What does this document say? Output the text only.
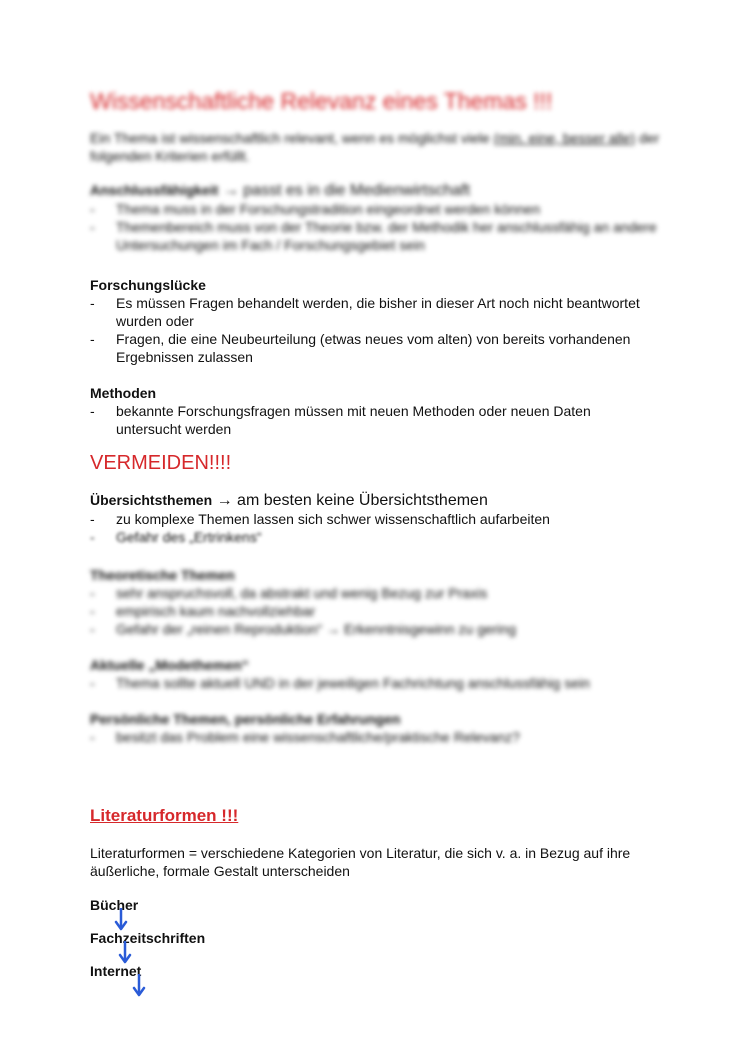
Wissenschaftliche Relevanz eines Themas !!!

Ein Thema ist wissenschaftlich relevant, wenn es möglichst viele (min. eine, besser alle) der folgenden Kriterien erfüllt.

Anschlussfähigkeit → passt es in die Medienwirtschaft
- Thema muss in der Forschungstradition eingeordnet werden können
- Themenbereich muss von der Theorie bzw. der Methodik her anschlussfähig an andere Untersuchungen im Fach / Forschungsgebiet sein
Forschungslücke
- Es müssen Fragen behandelt werden, die bisher in dieser Art noch nicht beantwortet wurden oder
- Fragen, die eine Neubeurteilung (etwas neues vom alten) von bereits vorhandenen Ergebnissen zulassen
Methoden
- bekannte Forschungsfragen müssen mit neuen Methoden oder neuen Daten untersucht werden
VERMEIDEN!!!!
Übersichtsthemen → am besten keine Übersichtsthemen
- zu komplexe Themen lassen sich schwer wissenschaftlich aufarbeiten
- Gefahr des „Ertrinkens“
Theoretische Themen
- sehr anspruchsvoll, da abstrakt und wenig Bezug zur Praxis
- empirisch kaum nachvollziehbar
- Gefahr der „reinen Reproduktion“ → Erkenntnisgewinn zu gering
Aktuelle „Modethemen“
- Thema sollte aktuell UND in der jeweiligen Fachrichtung anschlussfähig sein
Persönliche Themen, persönliche Erfahrungen
- besitzt das Problem eine wissenschaftliche/praktische Relevanz?
Literaturformen !!!

Literaturformen = verschiedene Kategorien von Literatur, die sich v. a. in Bezug auf ihre äußerliche, formale Gestalt unterscheiden

Bücher
Fachzeitschriften
Internet
